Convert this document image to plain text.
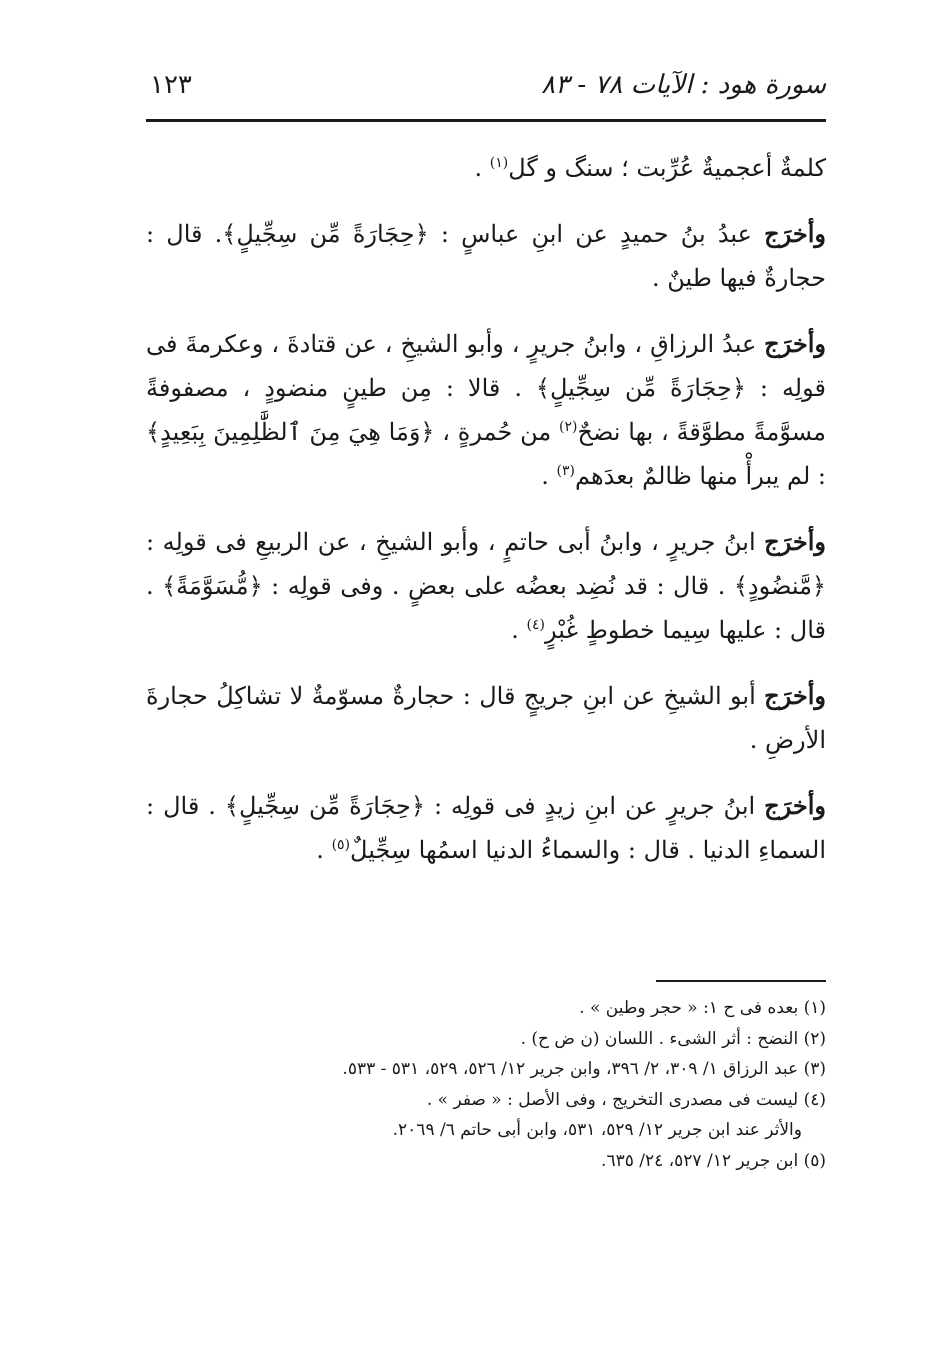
سورة هود : الآيات ٧٨ - ٨٣
١٢٣

كلمةٌ أعجميةٌ عُرِّبت ؛ سنگ و گل$^{(١)}$ .

وأخرَج عبدُ بنُ حميدٍ عن ابنِ عباسٍ : ﴿حِجَارَةً مِّن سِجِّيلٍ﴾. قال : حجارةٌ فيها طينٌ .

وأخرَج عبدُ الرزاقِ ، وابنُ جريرٍ ، وأبو الشيخِ ، عن قتادةَ ، وعكرمةَ فى قولِه : ﴿حِجَارَةً مِّن سِجِّيلٍ﴾ . قالا : مِن طينٍ منضودٍ ، مصفوفةً مسوَّمةً مطوَّقةً ، بها نضحٌ$^{(٢)}$ من حُمرةٍ ، ﴿وَمَا هِيَ مِنَ ٱلظَّٰلِمِينَ بِبَعِيدٍ﴾ : لم يبرأْ منها ظالمٌ بعدَهم$^{(٣)}$ .

وأخرَج ابنُ جريرٍ ، وابنُ أبى حاتمٍ ، وأبو الشيخِ ، عن الربيعِ فى قولِه : ﴿مَّنضُودٍ﴾ . قال : قد نُضِد بعضُه على بعضٍ . وفى قولِه : ﴿مُّسَوَّمَةً﴾ . قال : عليها سِيما خطوطٍ غُبْرٍ$^{(٤)}$ .

وأخرَج أبو الشيخِ عن ابنِ جريجٍ قال : حجارةٌ مسوّمةٌ لا تشاكِلُ حجارةَ الأرضِ .

وأخرَج ابنُ جريرٍ عن ابنِ زيدٍ فى قولِه : ﴿حِجَارَةً مِّن سِجِّيلٍ﴾ . قال : السماءِ الدنيا . قال : والسماءُ الدنيا اسمُها سِجِّيلٌ$^{(٥)}$ .

(١) بعده فى ح ١: « حجر وطين » .
(٢) النضح : أثر الشىء . اللسان (ن ض ح) .
(٣) عبد الرزاق ١/ ٣٠٩، ٢/ ٣٩٦، وابن جرير ١٢/ ٥٢٦، ٥٢٩، ٥٣١ - ٥٣٣.
(٤) ليست فى مصدرى التخريج ، وفى الأصل : « صفر » .
والأثر عند ابن جرير ١٢/ ٥٢٩، ٥٣١، وابن أبى حاتم ٦/ ٢٠٦٩.
(٥) ابن جرير ١٢/ ٥٢٧، ٢٤/ ٦٣٥.
